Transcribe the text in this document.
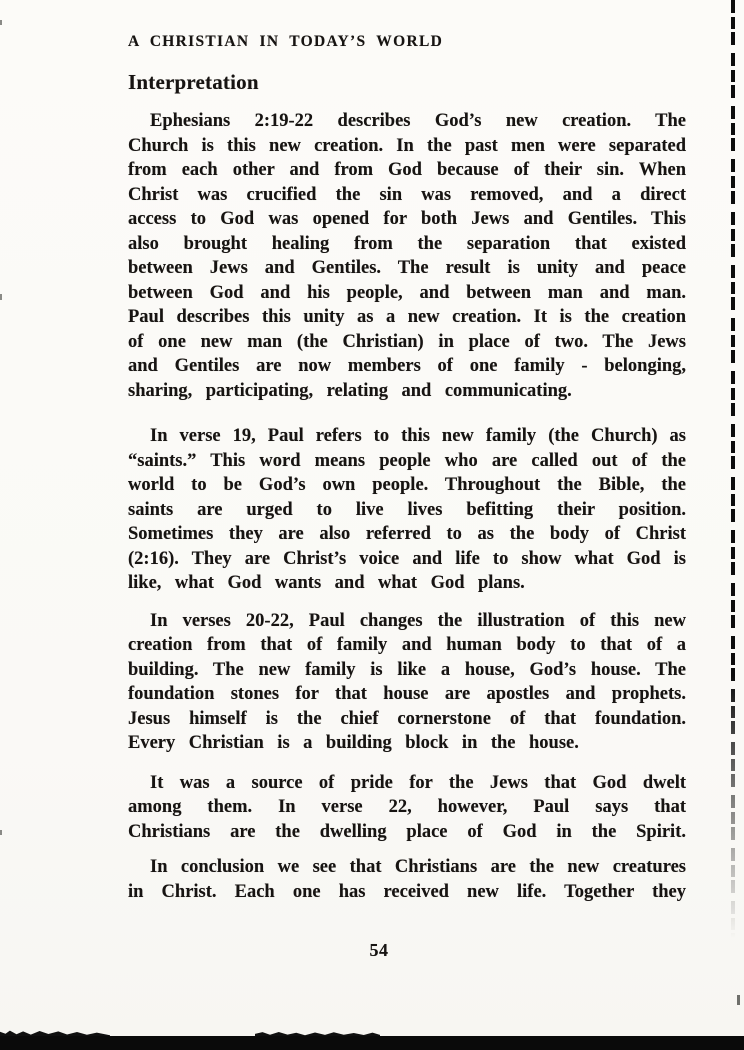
A CHRISTIAN IN TODAY’S WORLD
Interpretation
Ephesians 2:19-22 describes God’s new creation. The
Church is this new creation. In the past men were separated
from each other and from God because of their sin. When
Christ was crucified the sin was removed, and a direct
access to God was opened for both Jews and Gentiles. This
also brought healing from the separation that existed
between Jews and Gentiles. The result is unity and peace
between God and his people, and between man and man.
Paul describes this unity as a new creation. It is the creation
of one new man (the Christian) in place of two. The Jews
and Gentiles are now members of one family - belonging,
sharing, participating, relating and communicating.
In verse 19, Paul refers to this new family (the Church) as
“saints.” This word means people who are called out of the
world to be God’s own people. Throughout the Bible, the
saints are urged to live lives befitting their position.
Sometimes they are also referred to as the body of Christ
(2:16). They are Christ’s voice and life to show what God is
like, what God wants and what God plans.
In verses 20-22, Paul changes the illustration of this new
creation from that of family and human body to that of a
building. The new family is like a house, God’s house. The
foundation stones for that house are apostles and prophets.
Jesus himself is the chief cornerstone of that foundation.
Every Christian is a building block in the house.
It was a source of pride for the Jews that God dwelt
among them. In verse 22, however, Paul says that
Christians are the dwelling place of God in the Spirit.
In conclusion we see that Christians are the new creatures
in Christ. Each one has received new life. Together they
54
